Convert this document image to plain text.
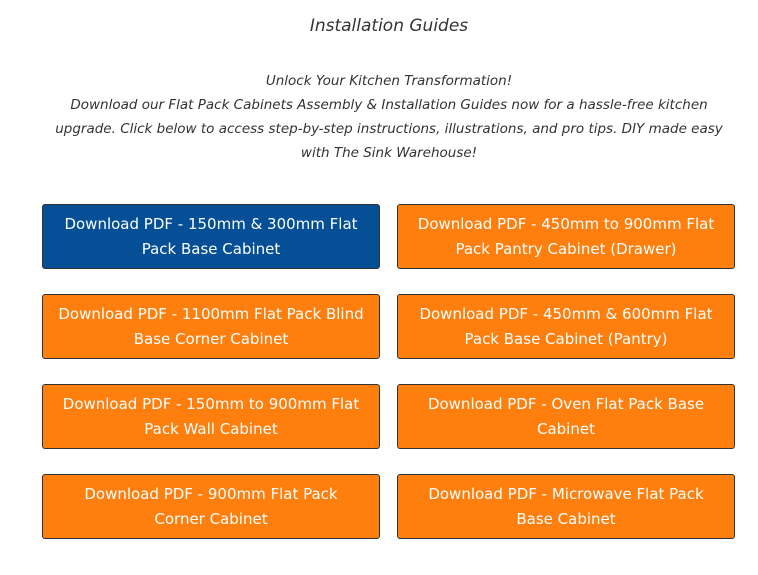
Installation Guides

Unlock Your Kitchen Transformation!

Download our Flat Pack Cabinets Assembly & Installation Guides now for a hassle-free kitchen upgrade. Click below to access step-by-step instructions, illustrations, and pro tips. DIY made easy with The Sink Warehouse!

Download PDF - 150mm & 300mm Flat Pack Base Cabinet
Download PDF - 450mm to 900mm Flat Pack Pantry Cabinet (Drawer)
Download PDF - 1100mm Flat Pack Blind Base Corner Cabinet
Download PDF - 450mm & 600mm Flat Pack Base Cabinet (Pantry)
Download PDF - 150mm to 900mm Flat Pack Wall Cabinet
Download PDF - Oven Flat Pack Base Cabinet
Download PDF - 900mm Flat Pack Corner Cabinet
Download PDF - Microwave Flat Pack Base Cabinet
